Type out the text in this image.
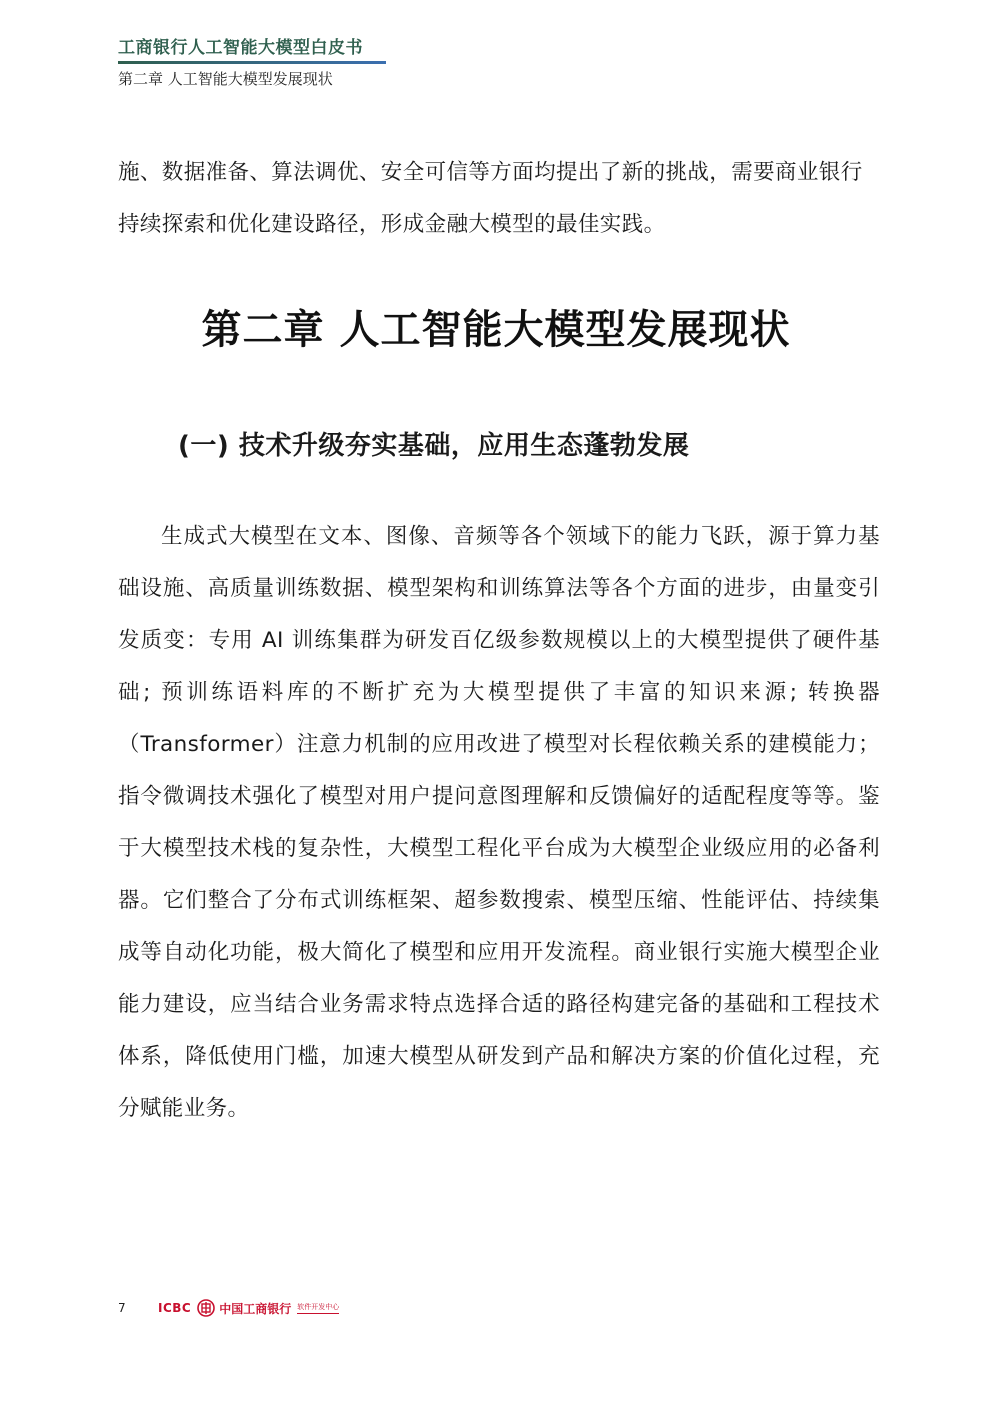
工商银行人工智能大模型白皮书
第二章 人工智能大模型发展现状

施、数据准备、算法调优、安全可信等方面均提出了新的挑战，需要商业银行持续探索和优化建设路径，形成金融大模型的最佳实践。

第二章 人工智能大模型发展现状
(一) 技术升级夯实基础，应用生态蓬勃发展

生成式大模型在文本、图像、音频等各个领域下的能力飞跃，源于算力基础设施、高质量训练数据、模型架构和训练算法等各个方面的进步，由量变引发质变：专用 AI 训练集群为研发百亿级参数规模以上的大模型提供了硬件基础; 预训练语料库的不断扩充为大模型提供了丰富的知识来源; 转换器（Transformer）注意力机制的应用改进了模型对长程依赖关系的建模能力；指令微调技术强化了模型对用户提问意图理解和反馈偏好的适配程度等等。鉴于大模型技术栈的复杂性，大模型工程化平台成为大模型企业级应用的必备利器。它们整合了分布式训练框架、超参数搜索、模型压缩、性能评估、持续集成等自动化功能，极大简化了模型和应用开发流程。商业银行实施大模型企业能力建设，应当结合业务需求特点选择合适的路径构建完备的基础和工程技术体系，降低使用门槛，加速大模型从研发到产品和解决方案的价值化过程，充分赋能业务。

7	ICBC 中国工商银行 软件开发中心
